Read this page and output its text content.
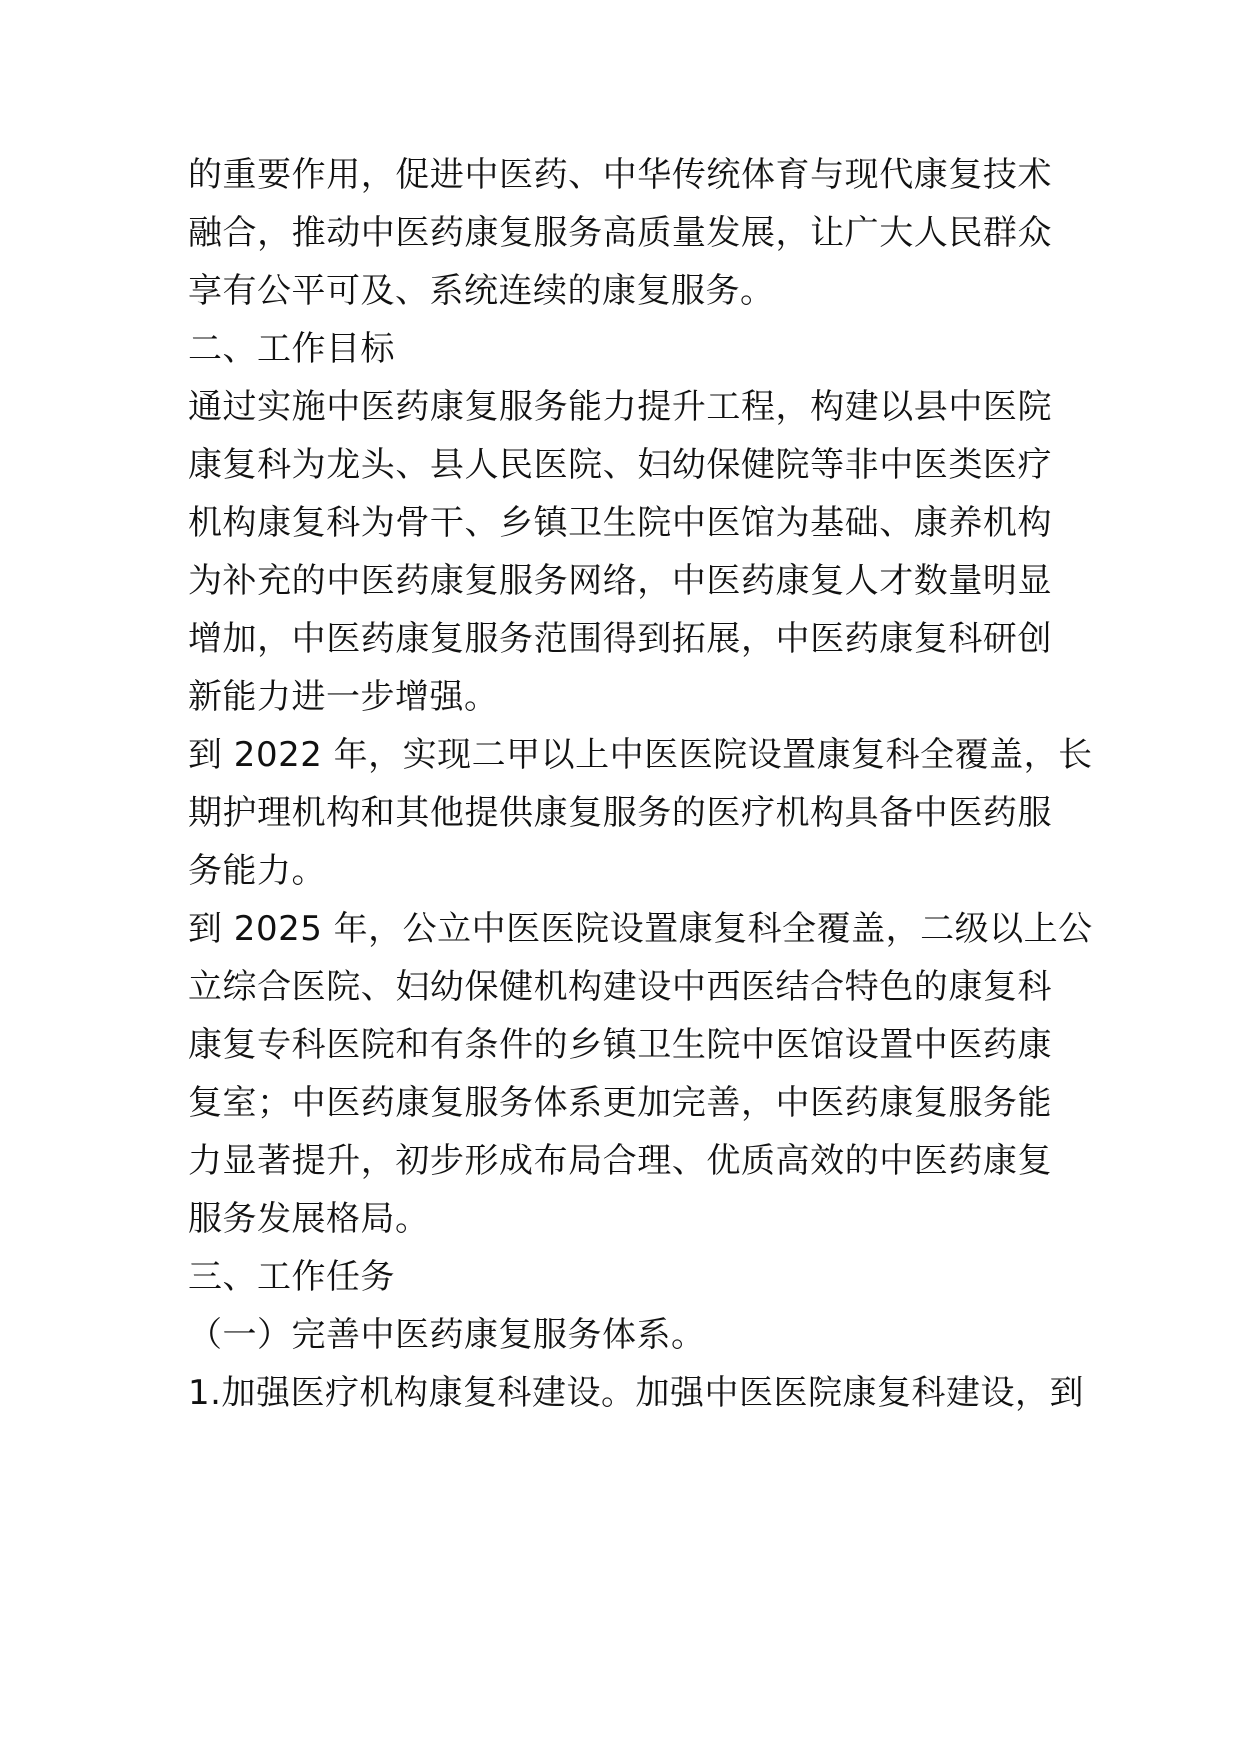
的重要作用，促进中医药、中华传统体育与现代康复技术
融合，推动中医药康复服务高质量发展，让广大人民群众
享有公平可及、系统连续的康复服务。
二、工作目标
通过实施中医药康复服务能力提升工程，构建以县中医院
康复科为龙头、县人民医院、妇幼保健院等非中医类医疗
机构康复科为骨干、乡镇卫生院中医馆为基础、康养机构
为补充的中医药康复服务网络，中医药康复人才数量明显
增加，中医药康复服务范围得到拓展，中医药康复科研创
新能力进一步增强。
到 2022 年，实现二甲以上中医医院设置康复科全覆盖，长
期护理机构和其他提供康复服务的医疗机构具备中医药服
务能力。
到 2025 年，公立中医医院设置康复科全覆盖，二级以上公
立综合医院、妇幼保健机构建设中西医结合特色的康复科
康复专科医院和有条件的乡镇卫生院中医馆设置中医药康
复室；中医药康复服务体系更加完善，中医药康复服务能
力显著提升，初步形成布局合理、优质高效的中医药康复
服务发展格局。
三、工作任务
（一）完善中医药康复服务体系。
1.加强医疗机构康复科建设。加强中医医院康复科建设，到
